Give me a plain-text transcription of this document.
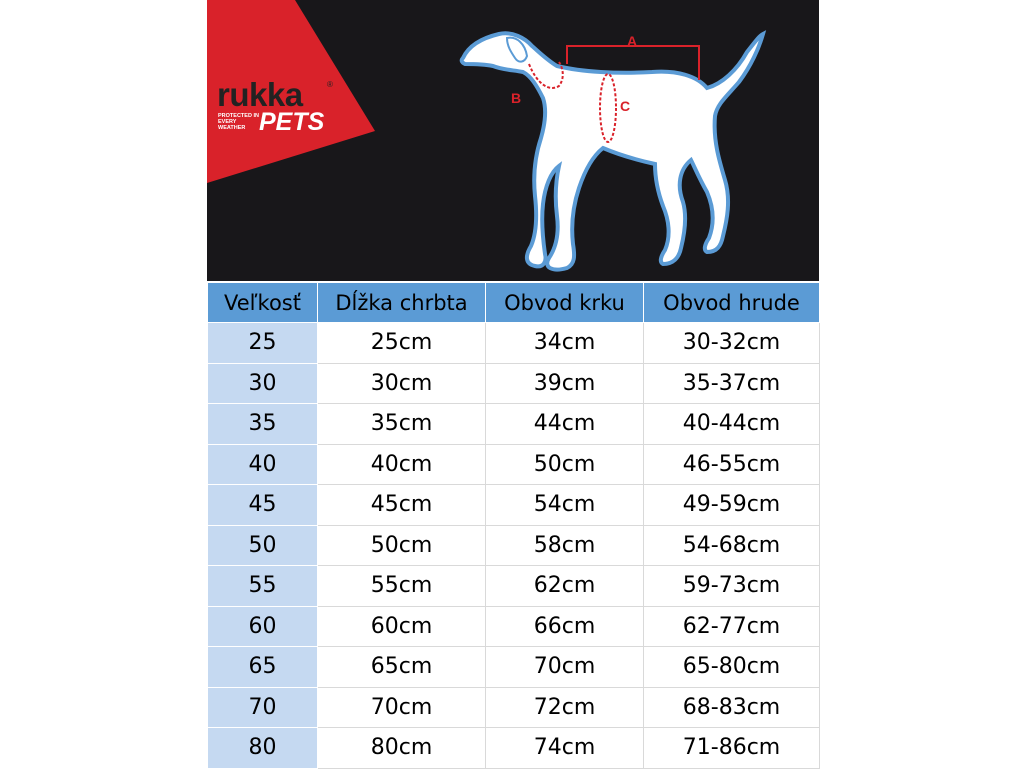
rukka	®
PROTECTED IN EVERY WEATHER PETS
A
B	C
Veľkosť	Dĺžka chrbta	Obvod krku	Obvod hrude
25	25cm	34cm	30-32cm
30	30cm	39cm	35-37cm
35	35cm	44cm	40-44cm
40	40cm	50cm	46-55cm
45	45cm	54cm	49-59cm
50	50cm	58cm	54-68cm
55	55cm	62cm	59-73cm
60	60cm	66cm	62-77cm
65	65cm	70cm	65-80cm
70	70cm	72cm	68-83cm
80	80cm	74cm	71-86cm
